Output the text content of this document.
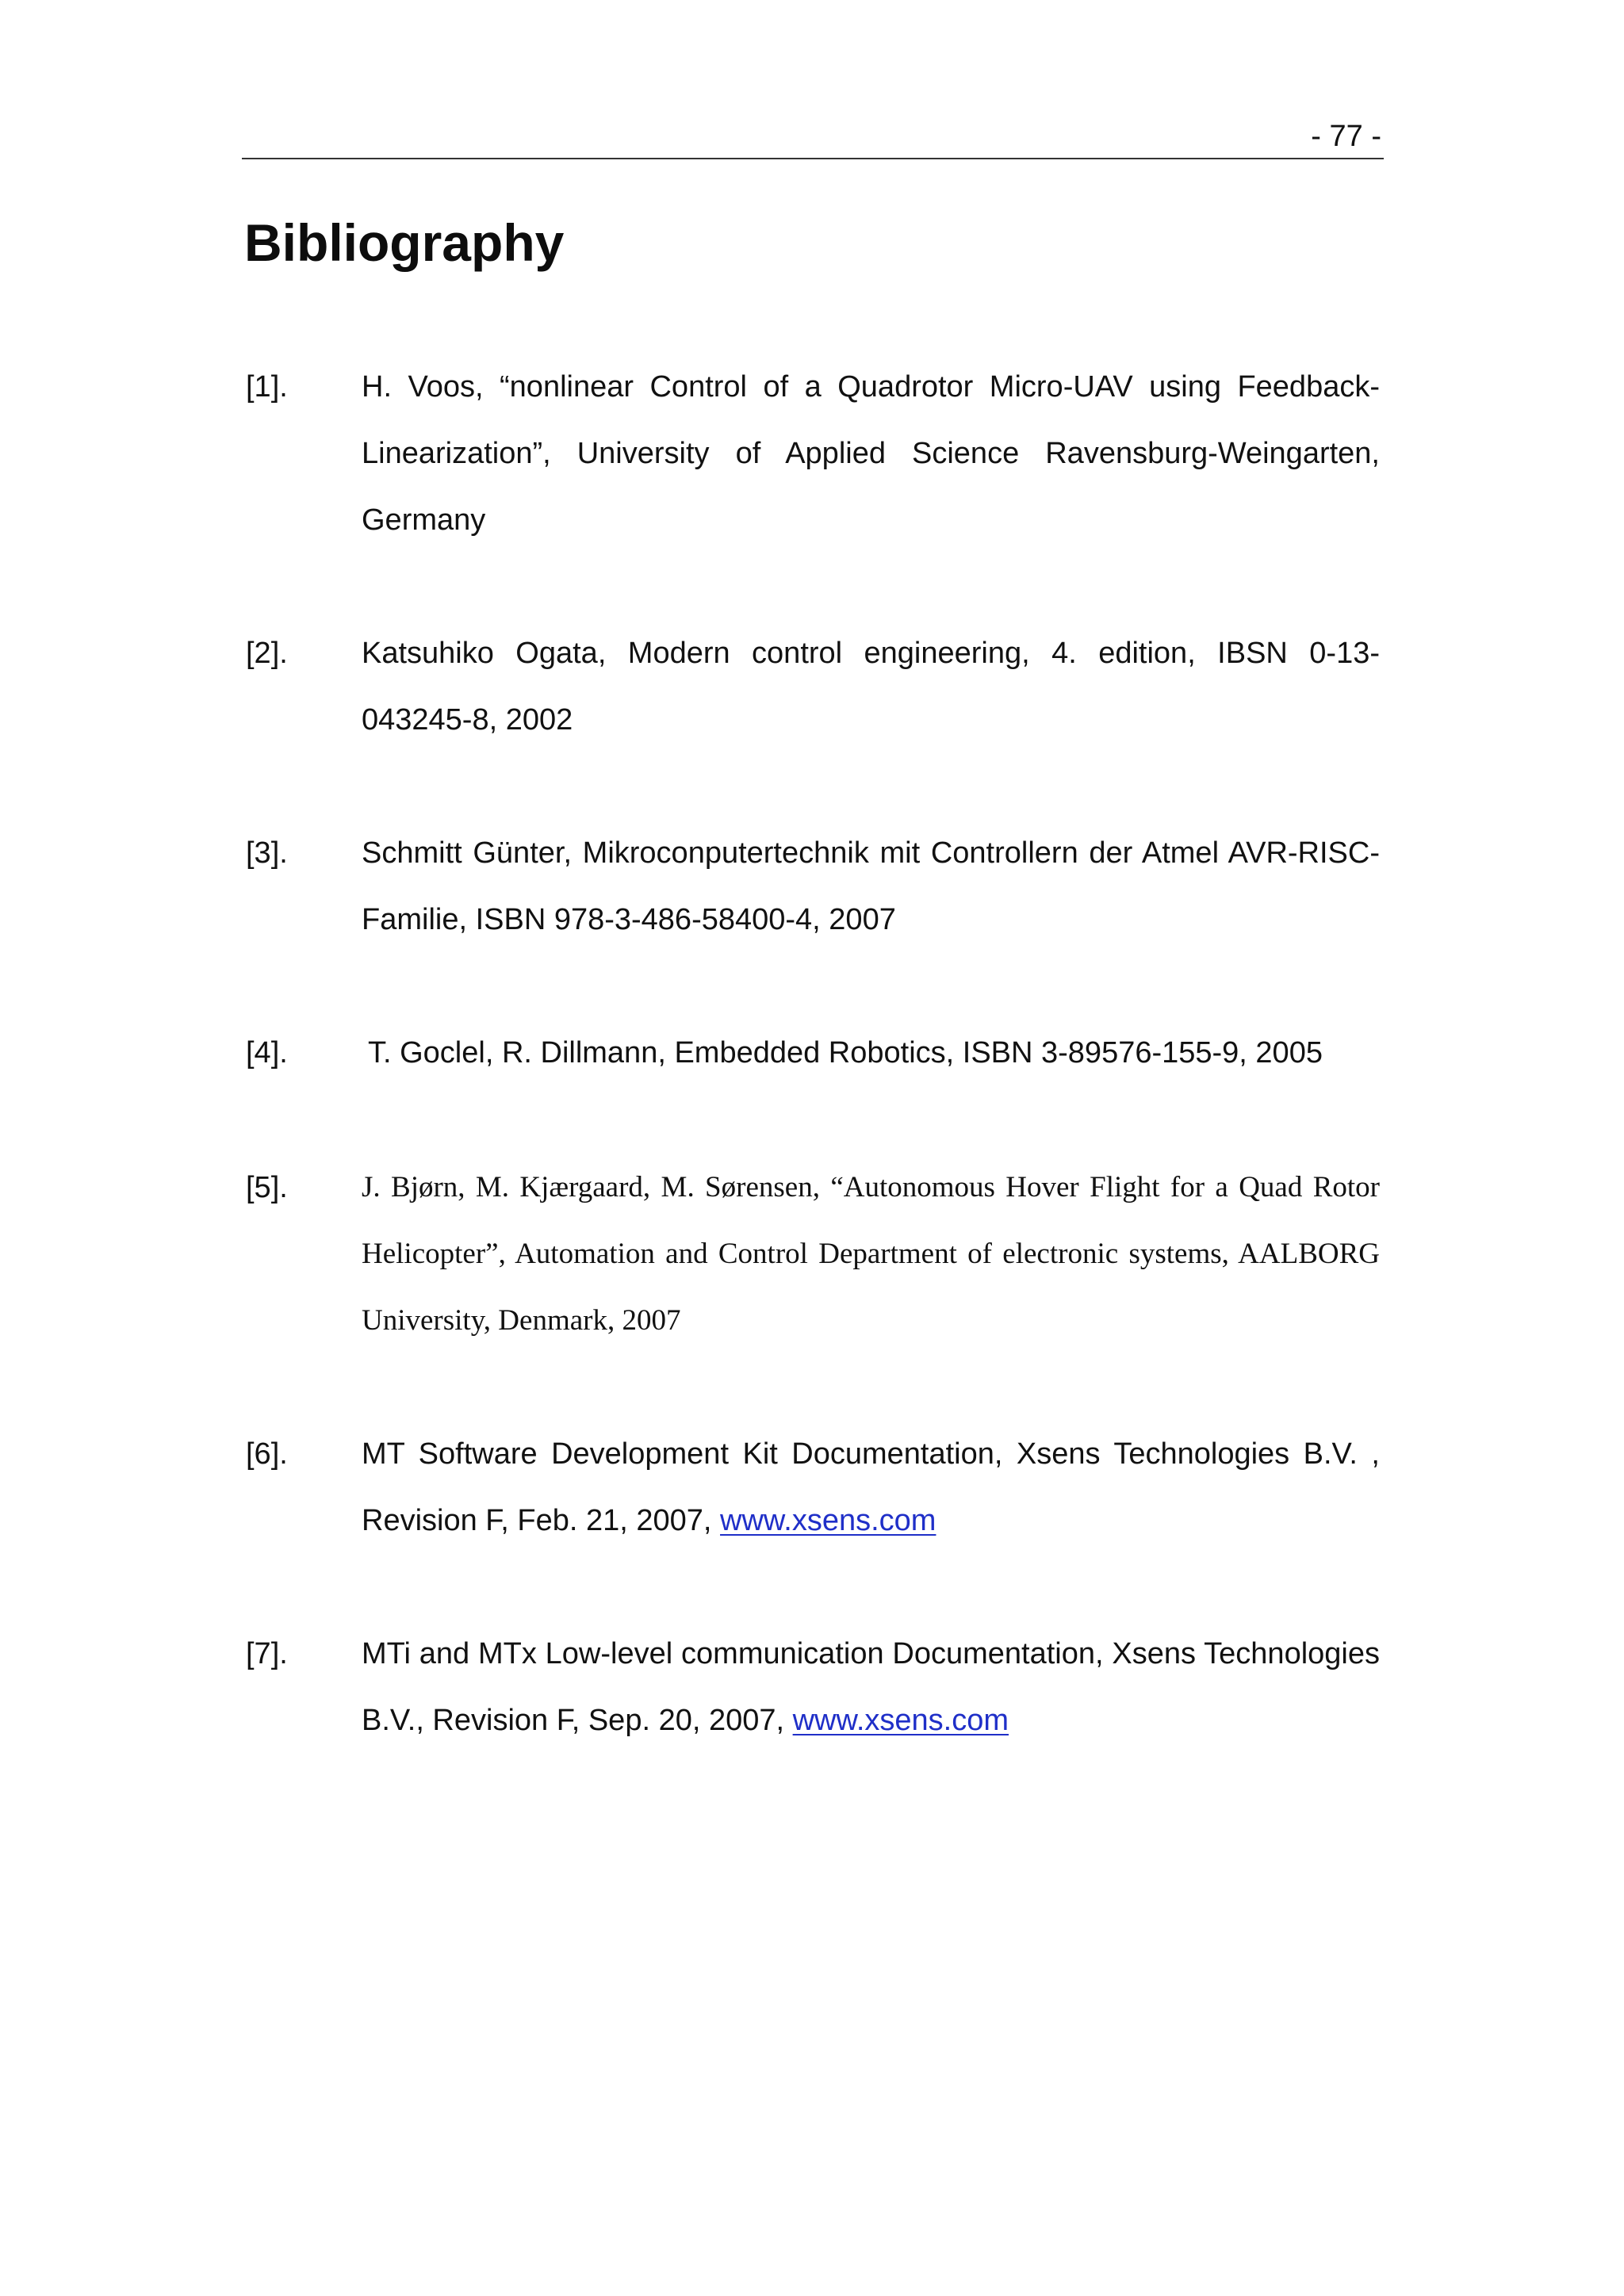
- 77 -
Bibliography
[1]. H. Voos, “nonlinear Control of a Quadrotor Micro-UAV using Feedback-Linearization”, University of Applied Science Ravensburg-Weingarten, Germany

[2]. Katsuhiko Ogata, Modern control engineering, 4. edition, IBSN 0-13-043245-8, 2002

[3]. Schmitt Günter, Mikroconputertechnik mit Controllern der Atmel AVR-RISC-Familie, ISBN 978-3-486-58400-4, 2007

[4].	T. Goclel, R. Dillmann, Embedded Robotics, ISBN 3-89576-155-9, 2005

[5].	J. Bjørn, M. Kjærgaard, M. Sørensen, “Autonomous Hover Flight for a Quad Rotor Helicopter”, Automation and Control Department of electronic systems, AALBORG University, Denmark, 2007

[6]. MT Software Development Kit Documentation, Xsens Technologies B.V. , Revision F, Feb. 21, 2007, www.xsens.com

[7]. MTi and MTx Low-level communication Documentation, Xsens Technologies B.V., Revision F, Sep. 20, 2007, www.xsens.com
